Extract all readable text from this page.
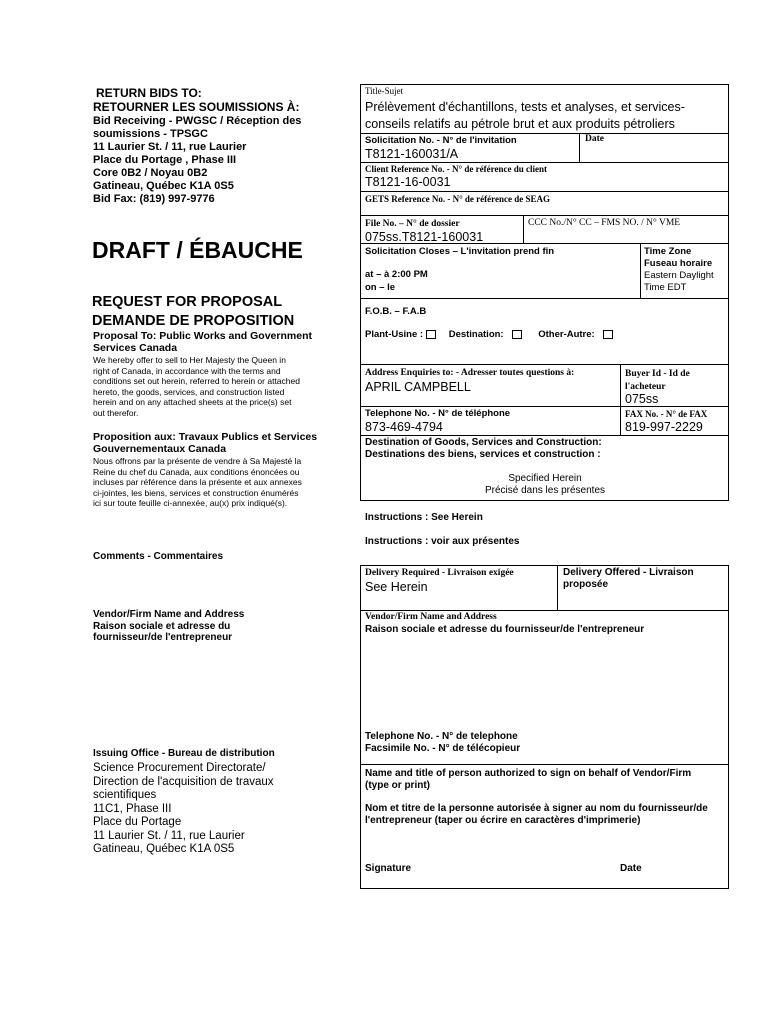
RETURN BIDS TO:
RETOURNER LES SOUMISSIONS À:
Bid Receiving - PWGSC / Réception des
soumissions - TPSGC
11 Laurier St. / 11, rue Laurier
Place du Portage , Phase III
Core 0B2 / Noyau 0B2
Gatineau, Québec K1A 0S5
Bid Fax: (819) 997-9776
DRAFT / ÉBAUCHE
REQUEST FOR PROPOSAL
DEMANDE DE PROPOSITION
Proposal To: Public Works and Government
Services Canada
We hereby offer to sell to Her Majesty the Queen in
right of Canada, in accordance with the terms and
conditions set out herein, referred to herein or attached
hereto, the goods, services, and construction listed
herein and on any attached sheets at the price(s) set
out therefor.
Proposition aux: Travaux Publics et Services
Gouvernementaux Canada
Nous offrons par la présente de vendre à Sa Majesté la
Reine du chef du Canada, aux conditions énoncées ou
incluses par référence dans la présente et aux annexes
ci-jointes, les biens, services et construction énumérés
ici sur toute feuille ci-annexée, au(x) prix indiqué(s).
Comments - Commentaires
Vendor/Firm Name and Address
Raison sociale et adresse du
fournisseur/de l'entrepreneur
Issuing Office - Bureau de distribution
Science Procurement Directorate/
Direction de l'acquisition de travaux
scientifiques
11C1, Phase III
Place du Portage
11 Laurier St. / 11, rue Laurier
Gatineau, Québec K1A 0S5
Title-Sujet
Prélèvement d'échantillons, tests et analyses, et services-
conseils relatifs au pétrole brut et aux produits pétroliers
Solicitation No. - N° de l'invitation	Date
T8121-160031/A
Client Reference No. - N° de référence du client
T8121-16-0031
GETS Reference No. - N° de référence de SEAG
File No. – N° de dossier	CCC No./N° CC – FMS NO. / N° VME
075ss.T8121-160031
Solicitation Closes – L'invitation prend fin
at – à 2:00 PM
on – le
Time Zone
Fuseau horaire
Eastern Daylight
Time EDT
F.O.B. – F.A.B
Plant-Usine :	Destination:	Other-Autre:
Address Enquiries to: - Adresser toutes questions à:
APRIL CAMPBELL
Buyer Id - Id de
l'acheteur
075ss
Telephone No. - N° de téléphone
873-469-4794
FAX No. - N° de FAX
819-997-2229
Destination of Goods, Services and Construction:
Destinations des biens, services et construction :
Specified Herein
Précisé dans les présentes
Instructions : See Herein
Instructions : voir aux présentes
Delivery Required - Livraison exigée
See Herein
Delivery Offered - Livraison
proposée
Vendor/Firm Name and Address
Raison sociale et adresse du fournisseur/de l'entrepreneur
Telephone No. - N° de telephone
Facsimile No. - N° de télécopieur
Name and title of person authorized to sign on behalf of Vendor/Firm
(type or print)
Nom et titre de la personne autorisée à signer au nom du fournisseur/de
l'entrepreneur (taper ou écrire en caractères d'imprimerie)
Signature	Date
